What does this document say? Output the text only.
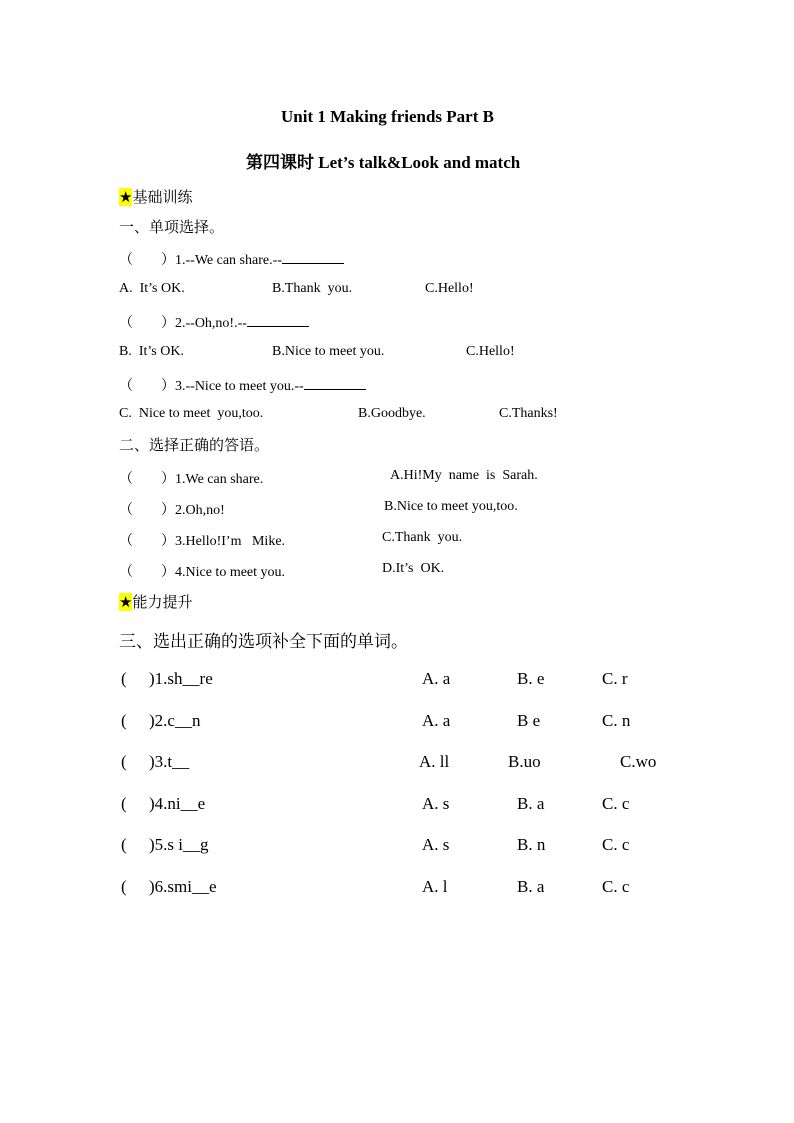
Unit 1 Making friends Part B
第四课时 Let’s talk&Look and match
★基础训练
一、单项选择。
（　　）1.--We can share.--
A.  It’s OK.	B.Thank  you.	C.Hello!
（　　）2.--Oh,no!.--
B.  It’s OK.	B.Nice to meet you.	C.Hello!
（　　）3.--Nice to meet you.--
C.  Nice to meet  you,too.	B.Goodbye.	C.Thanks!
二、选择正确的答语。
（　　）1.We can share.	A.Hi!My  name  is  Sarah.
（　　）2.Oh,no!	B.Nice to meet you,too.
（　　）3.Hello!I’m   Mike.	C.Thank  you.
（　　）4.Nice to meet you.	D.It’s  OK.
★能力提升
三、选出正确的选项补全下面的单词。
( )1.sh__re	A. a	B. e	C. r
( )2.c__n	A. a	B e	C. n
( )3.t__	A. ll	B.uo	C.wo
( )4.ni__e	A. s	B. a	C. c
( )5.s i__g	A. s	B. n	C. c
( )6.smi__e	A. l	B. a	C. c
